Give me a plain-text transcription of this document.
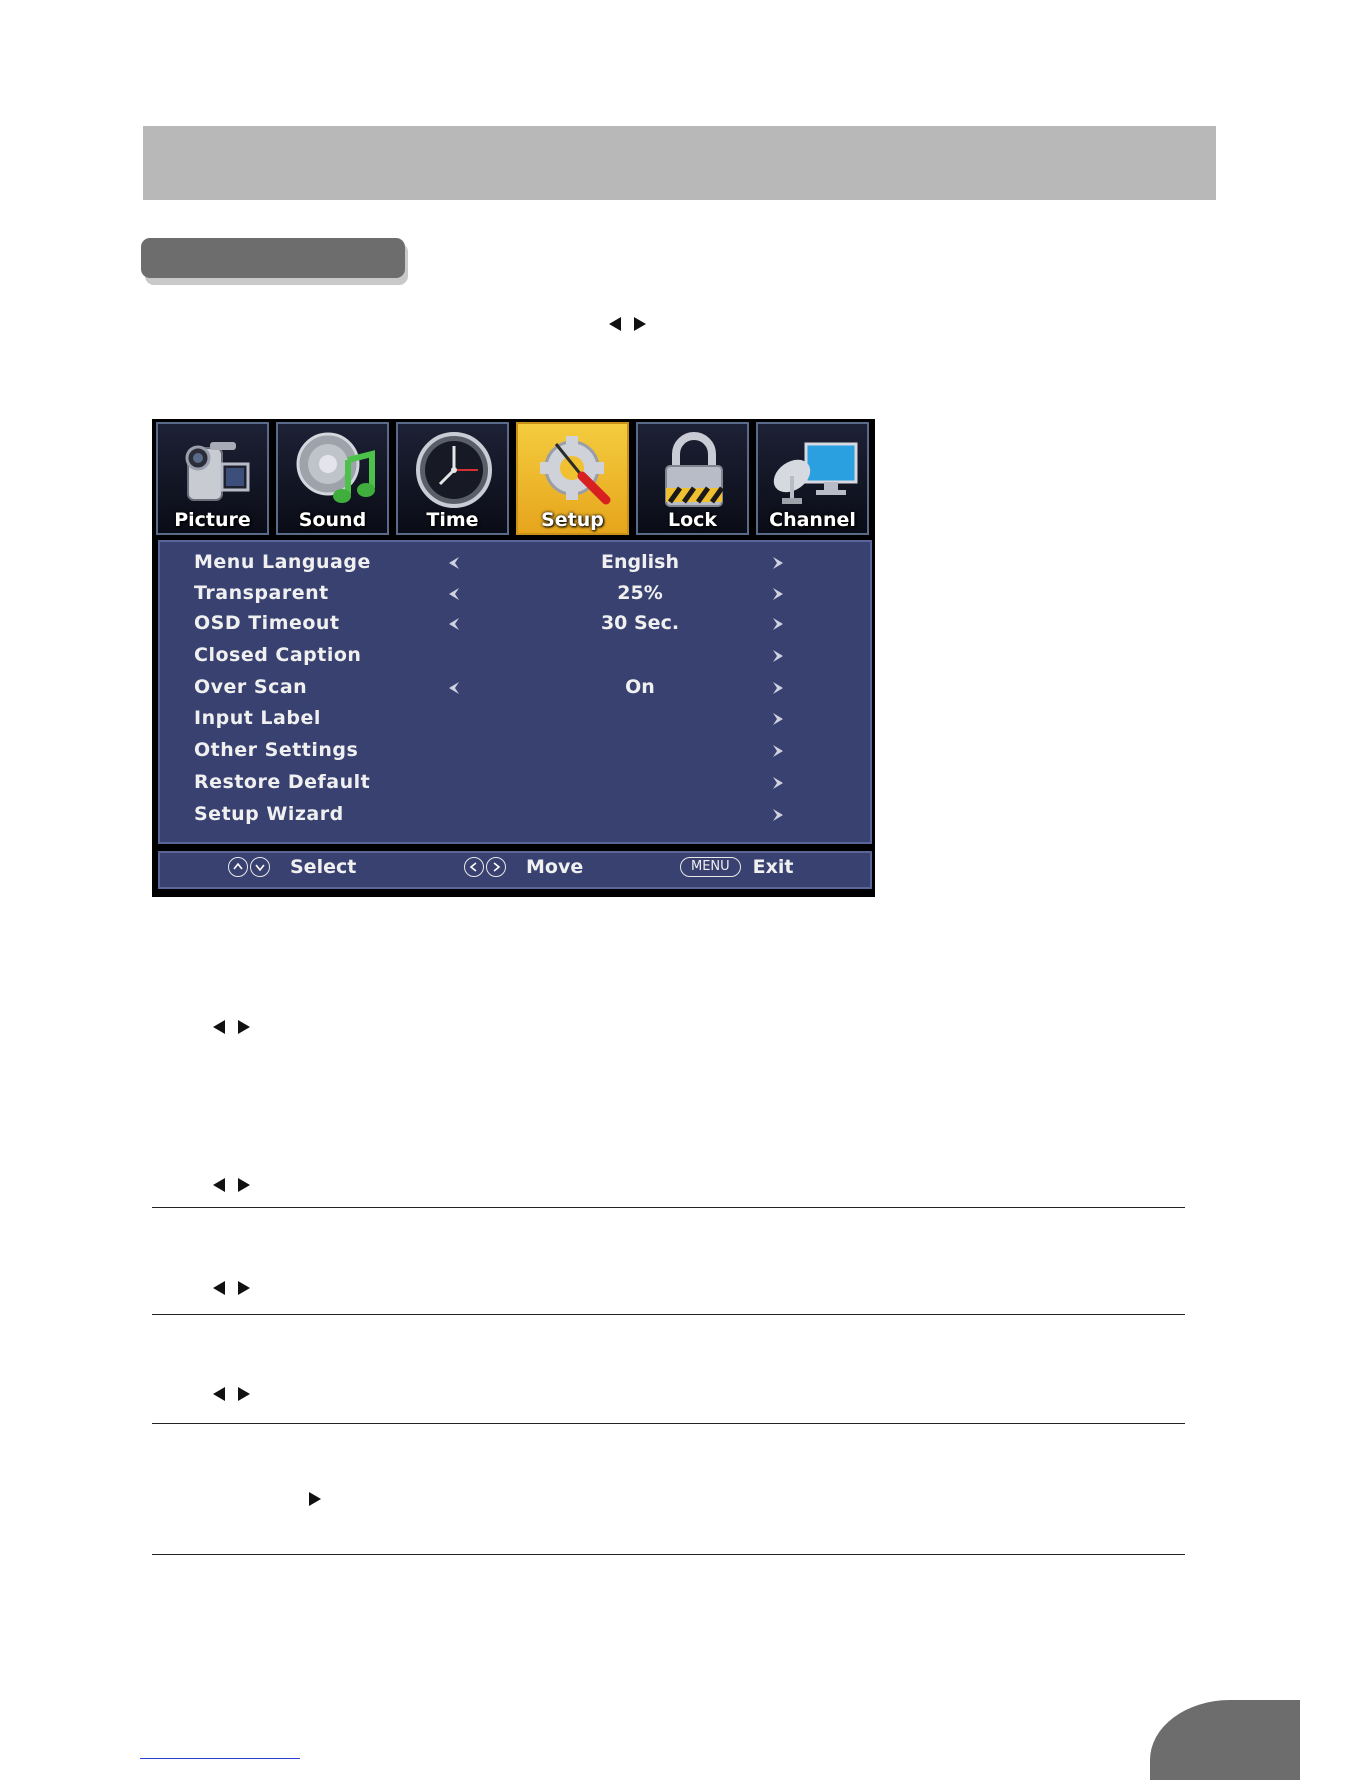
Picture	Sound	Time	Setup	Lock	Channel
Menu Language	English
Transparent	25%
OSD Timeout	30 Sec.
Closed Caption
Over Scan	On
Input Label
Other Settings
Restore Default
Setup Wizard
Select	Move	MENU	Exit
